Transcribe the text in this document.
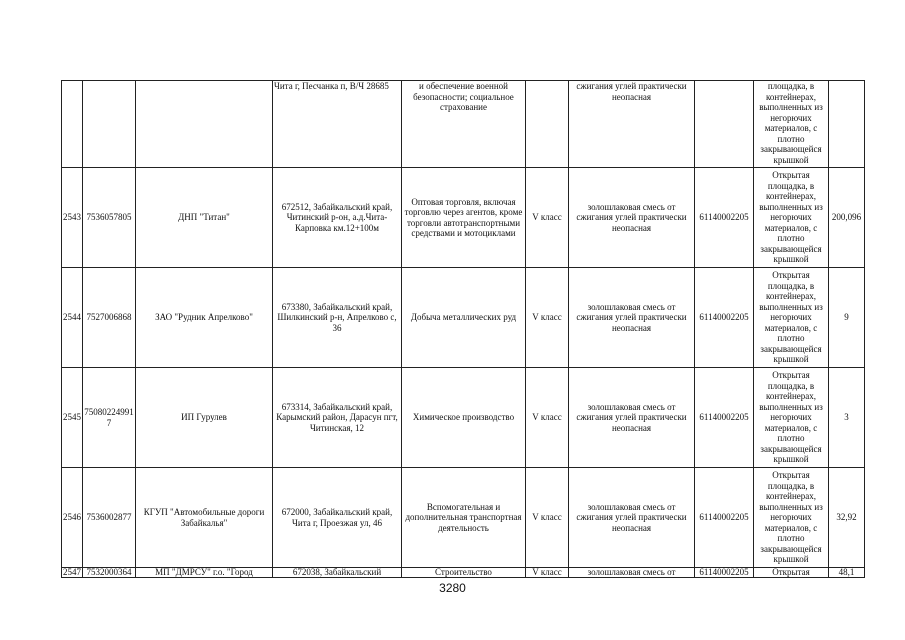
			Чита г, Песчанка п, В/Ч 28685	и обеспечение военной безопасности; социальное страхование		сжигания углей практически неопасная		площадка, в контейнерах, выполненных из негорючих материалов, с плотно закрывающейся крышкой	
2543	7536057805	ДНП "Титан"	672512, Забайкальский край, Читинский р-он, а.д.Чита-Карповка км.12+100м	Оптовая торговля, включая торговлю через агентов, кроме торговли автотранспортными средствами и мотоциклами	V класс	золошлаковая смесь от сжигания углей практически неопасная	61140002205	Открытая площадка, в контейнерах, выполненных из негорючих материалов, с плотно закрывающейся крышкой	200,096
2544	7527006868	ЗАО "Рудник Апрелково"	673380, Забайкальский край, Шилкинский р-н, Апрелково с, 36	Добыча металлических руд	V класс	золошлаковая смесь от сжигания углей практически неопасная	61140002205	Открытая площадка, в контейнерах, выполненных из негорючих материалов, с плотно закрывающейся крышкой	9
2545	750802249917	ИП Гурулев	673314, Забайкальский край, Карымский район, Дарасун пгт, Читинская, 12	Химическое производство	V класс	золошлаковая смесь от сжигания углей практически неопасная	61140002205	Открытая площадка, в контейнерах, выполненных из негорючих материалов, с плотно закрывающейся крышкой	3
2546	7536002877	КГУП "Автомобильные дороги Забайкалья"	672000, Забайкальский край, Чита г, Проезжая ул, 46	Вспомогательная и дополнительная транспортная деятельность	V класс	золошлаковая смесь от сжигания углей практически неопасная	61140002205	Открытая площадка, в контейнерах, выполненных из негорючих материалов, с плотно закрывающейся крышкой	32,92
2547	7532000364	МП "ДМРСУ" г.о. "Город	672038, Забайкальский	Строительство	V класс	золошлаковая смесь от	61140002205	Открытая	48,1
3280
